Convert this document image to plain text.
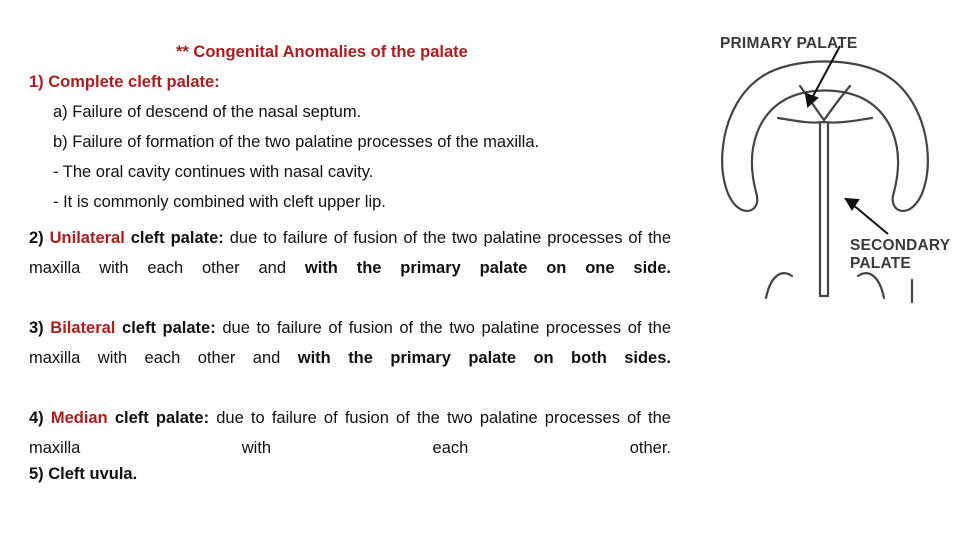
** Congenital Anomalies of the palate
1) Complete cleft palate:
a) Failure of descend of the nasal septum.
b) Failure of formation of the two palatine processes of the maxilla.
- The oral cavity continues with nasal cavity.
- It is commonly combined with cleft upper lip.
2) Unilateral cleft palate: due to failure of fusion of the two palatine processes of the maxilla with each other and with the primary palate on one side.
3) Bilateral cleft palate: due to failure of fusion of the two palatine processes of the maxilla with each other and with the primary palate on both sides.
4) Median cleft palate: due to failure of fusion of the two palatine processes of the maxilla with each other.
5) Cleft uvula.
PRIMARY PALATE
SECONDARY
PALATE
